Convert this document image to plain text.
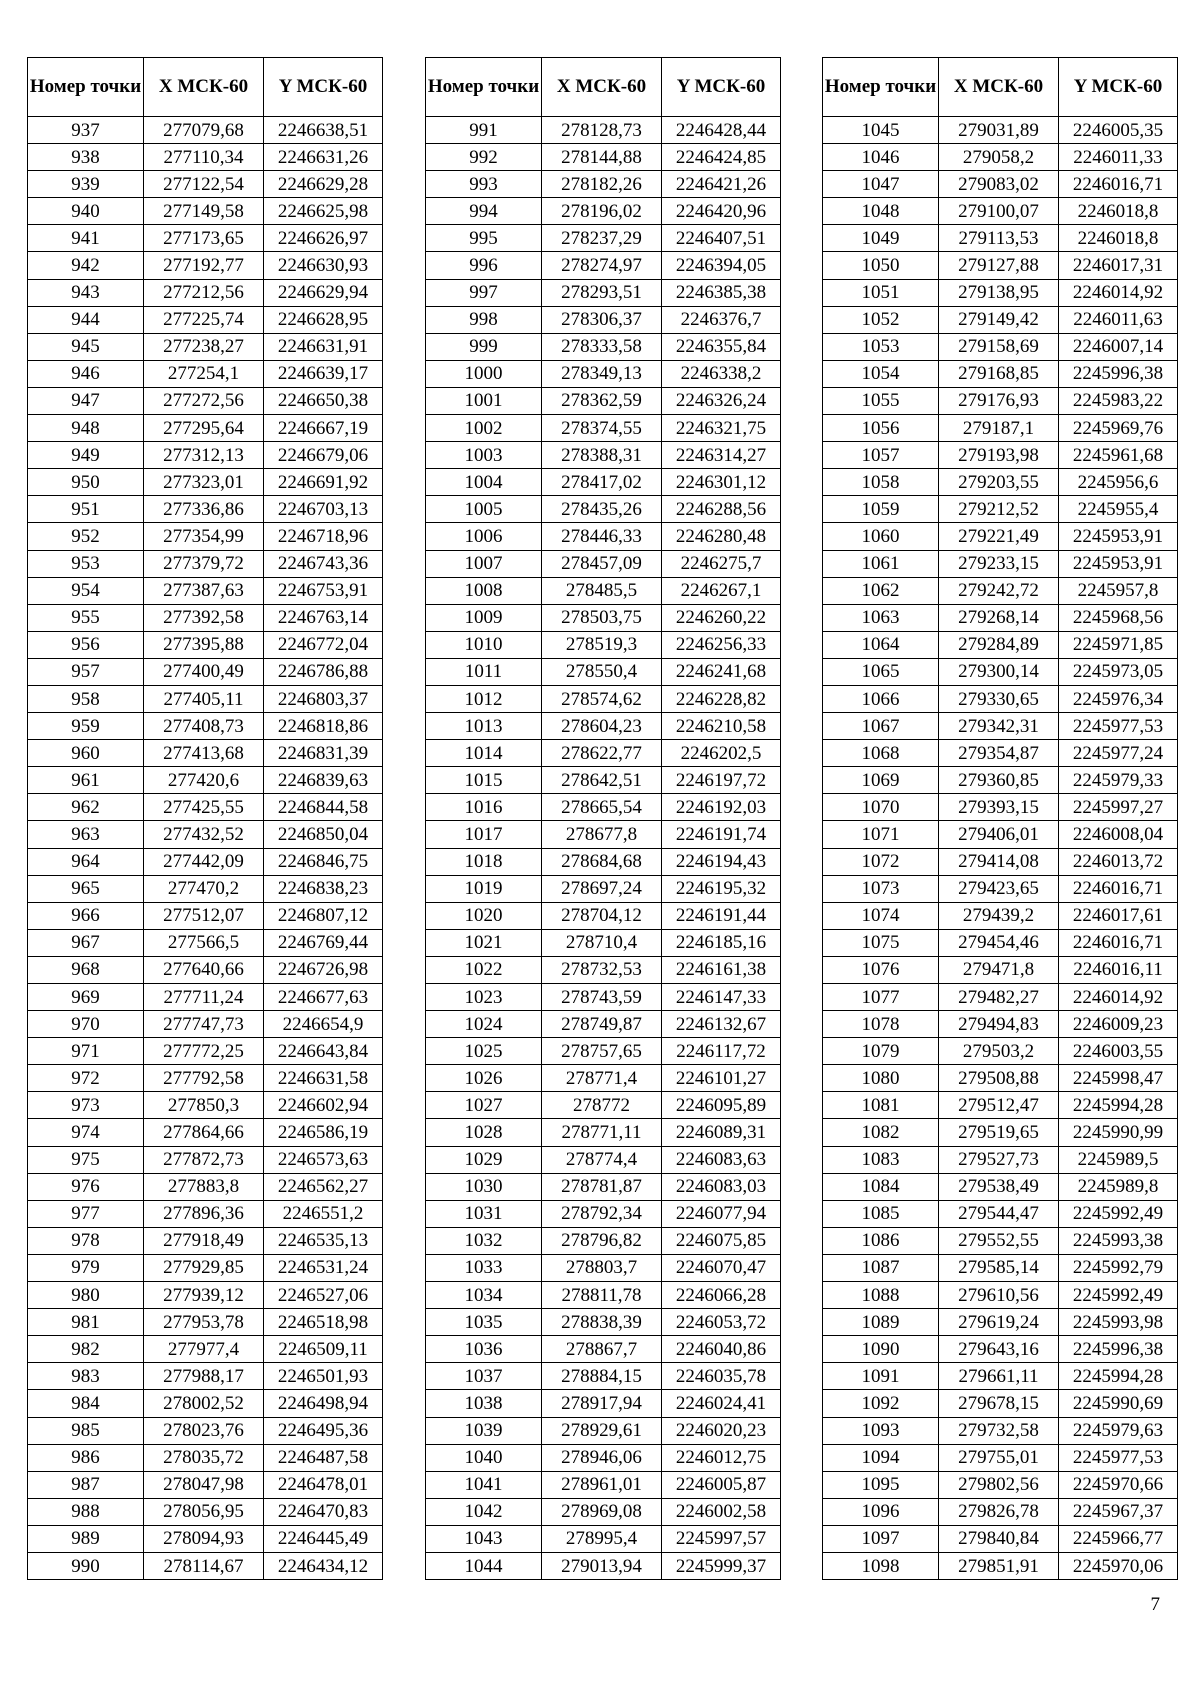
Номер точки	X МСК-60	Y МСК-60
937	277079,68	2246638,51
938	277110,34	2246631,26
939	277122,54	2246629,28
940	277149,58	2246625,98
941	277173,65	2246626,97
942	277192,77	2246630,93
943	277212,56	2246629,94
944	277225,74	2246628,95
945	277238,27	2246631,91
946	277254,1	2246639,17
947	277272,56	2246650,38
948	277295,64	2246667,19
949	277312,13	2246679,06
950	277323,01	2246691,92
951	277336,86	2246703,13
952	277354,99	2246718,96
953	277379,72	2246743,36
954	277387,63	2246753,91
955	277392,58	2246763,14
956	277395,88	2246772,04
957	277400,49	2246786,88
958	277405,11	2246803,37
959	277408,73	2246818,86
960	277413,68	2246831,39
961	277420,6	2246839,63
962	277425,55	2246844,58
963	277432,52	2246850,04
964	277442,09	2246846,75
965	277470,2	2246838,23
966	277512,07	2246807,12
967	277566,5	2246769,44
968	277640,66	2246726,98
969	277711,24	2246677,63
970	277747,73	2246654,9
971	277772,25	2246643,84
972	277792,58	2246631,58
973	277850,3	2246602,94
974	277864,66	2246586,19
975	277872,73	2246573,63
976	277883,8	2246562,27
977	277896,36	2246551,2
978	277918,49	2246535,13
979	277929,85	2246531,24
980	277939,12	2246527,06
981	277953,78	2246518,98
982	277977,4	2246509,11
983	277988,17	2246501,93
984	278002,52	2246498,94
985	278023,76	2246495,36
986	278035,72	2246487,58
987	278047,98	2246478,01
988	278056,95	2246470,83
989	278094,93	2246445,49
990	278114,67	2246434,12
Номер точки	X МСК-60	Y МСК-60
991	278128,73	2246428,44
992	278144,88	2246424,85
993	278182,26	2246421,26
994	278196,02	2246420,96
995	278237,29	2246407,51
996	278274,97	2246394,05
997	278293,51	2246385,38
998	278306,37	2246376,7
999	278333,58	2246355,84
1000	278349,13	2246338,2
1001	278362,59	2246326,24
1002	278374,55	2246321,75
1003	278388,31	2246314,27
1004	278417,02	2246301,12
1005	278435,26	2246288,56
1006	278446,33	2246280,48
1007	278457,09	2246275,7
1008	278485,5	2246267,1
1009	278503,75	2246260,22
1010	278519,3	2246256,33
1011	278550,4	2246241,68
1012	278574,62	2246228,82
1013	278604,23	2246210,58
1014	278622,77	2246202,5
1015	278642,51	2246197,72
1016	278665,54	2246192,03
1017	278677,8	2246191,74
1018	278684,68	2246194,43
1019	278697,24	2246195,32
1020	278704,12	2246191,44
1021	278710,4	2246185,16
1022	278732,53	2246161,38
1023	278743,59	2246147,33
1024	278749,87	2246132,67
1025	278757,65	2246117,72
1026	278771,4	2246101,27
1027	278772	2246095,89
1028	278771,11	2246089,31
1029	278774,4	2246083,63
1030	278781,87	2246083,03
1031	278792,34	2246077,94
1032	278796,82	2246075,85
1033	278803,7	2246070,47
1034	278811,78	2246066,28
1035	278838,39	2246053,72
1036	278867,7	2246040,86
1037	278884,15	2246035,78
1038	278917,94	2246024,41
1039	278929,61	2246020,23
1040	278946,06	2246012,75
1041	278961,01	2246005,87
1042	278969,08	2246002,58
1043	278995,4	2245997,57
1044	279013,94	2245999,37
Номер точки	X МСК-60	Y МСК-60
1045	279031,89	2246005,35
1046	279058,2	2246011,33
1047	279083,02	2246016,71
1048	279100,07	2246018,8
1049	279113,53	2246018,8
1050	279127,88	2246017,31
1051	279138,95	2246014,92
1052	279149,42	2246011,63
1053	279158,69	2246007,14
1054	279168,85	2245996,38
1055	279176,93	2245983,22
1056	279187,1	2245969,76
1057	279193,98	2245961,68
1058	279203,55	2245956,6
1059	279212,52	2245955,4
1060	279221,49	2245953,91
1061	279233,15	2245953,91
1062	279242,72	2245957,8
1063	279268,14	2245968,56
1064	279284,89	2245971,85
1065	279300,14	2245973,05
1066	279330,65	2245976,34
1067	279342,31	2245977,53
1068	279354,87	2245977,24
1069	279360,85	2245979,33
1070	279393,15	2245997,27
1071	279406,01	2246008,04
1072	279414,08	2246013,72
1073	279423,65	2246016,71
1074	279439,2	2246017,61
1075	279454,46	2246016,71
1076	279471,8	2246016,11
1077	279482,27	2246014,92
1078	279494,83	2246009,23
1079	279503,2	2246003,55
1080	279508,88	2245998,47
1081	279512,47	2245994,28
1082	279519,65	2245990,99
1083	279527,73	2245989,5
1084	279538,49	2245989,8
1085	279544,47	2245992,49
1086	279552,55	2245993,38
1087	279585,14	2245992,79
1088	279610,56	2245992,49
1089	279619,24	2245993,98
1090	279643,16	2245996,38
1091	279661,11	2245994,28
1092	279678,15	2245990,69
1093	279732,58	2245979,63
1094	279755,01	2245977,53
1095	279802,56	2245970,66
1096	279826,78	2245967,37
1097	279840,84	2245966,77
1098	279851,91	2245970,06
7
